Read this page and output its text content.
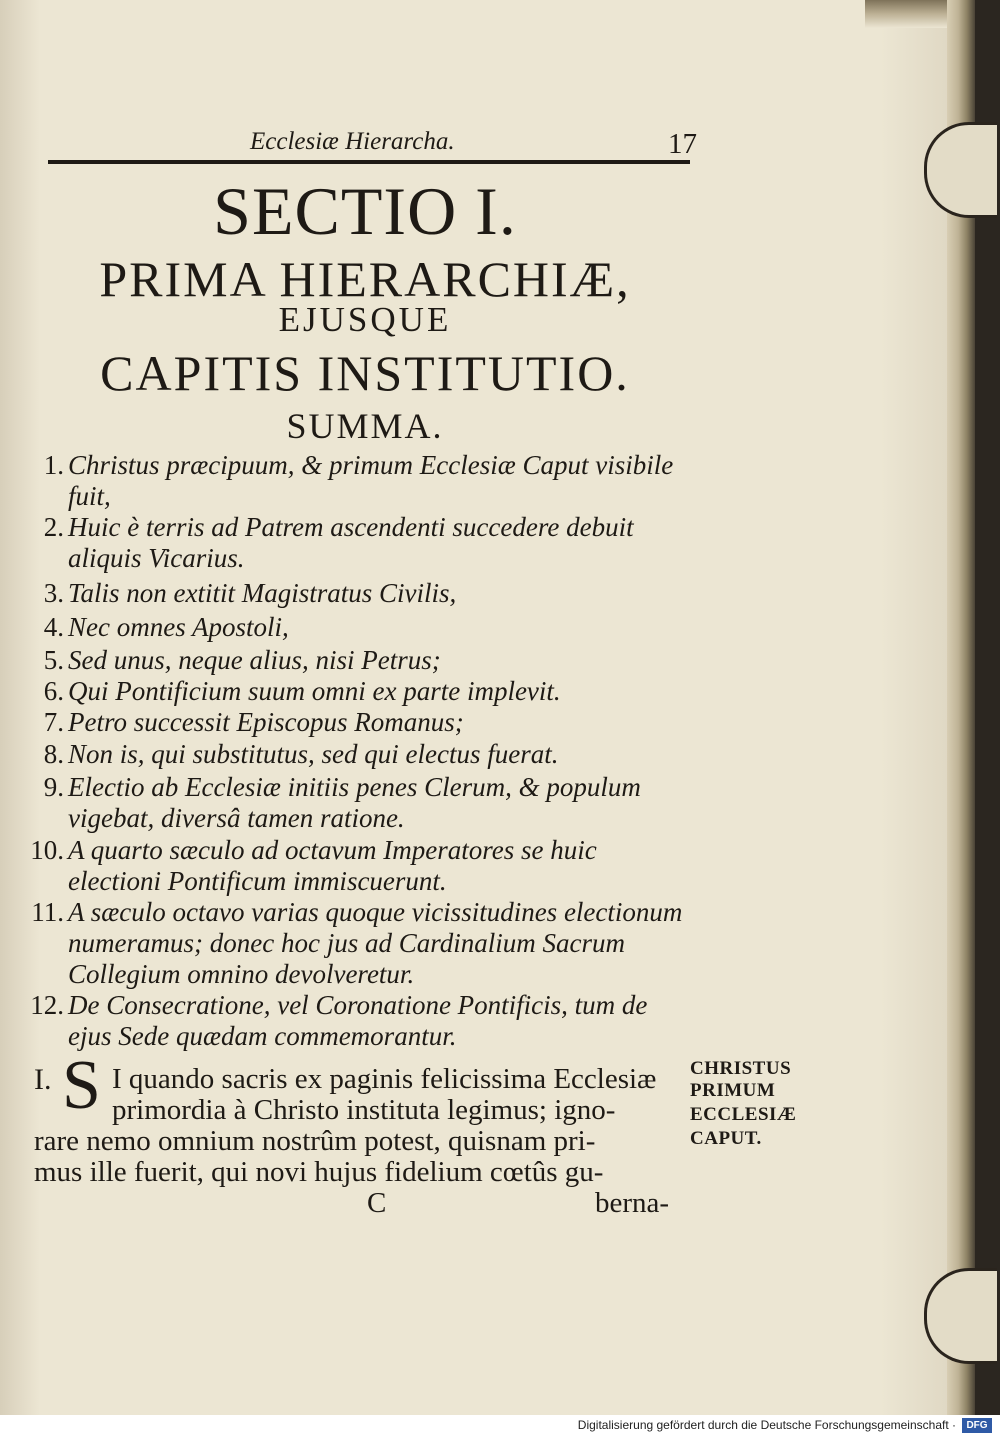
Ecclesiæ Hierarcha.	17
SECTIO I.
PRIMA HIERARCHIÆ,
EJUSQUE
CAPITIS INSTITUTIO.
SUMMA.
1. Christus præcipuum, & primum Ecclesiæ Caput visibile fuit,
2. Huic è terris ad Patrem ascendenti succedere debuit aliquis Vicarius.
3. Talis non extitit Magistratus Civilis,
4. Nec omnes Apostoli,
5. Sed unus, neque alius, nisi Petrus;
6. Qui Pontificium suum omni ex parte implevit.
7. Petro successit Episcopus Romanus;
8. Non is, qui substitutus, sed qui electus fuerat.
9. Electio ab Ecclesiæ initiis penes Clerum, & populum vigebat, diversâ tamen ratione.
10. A quarto sæculo ad octavum Imperatores se huic electioni Pontificum immiscuerunt.
11. A sæculo octavo varias quoque vicissitudines electionum numeramus; donec hoc jus ad Cardinalium Sacrum Collegium omnino devolveretur.
12. De Consecratione, vel Coronatione Pontificis, tum de ejus Sede quædam commemorantur.
I. S I quando sacris ex paginis felicissima Ecclesiæ
primordia à Christo instituta legimus; igno-
rare nemo omnium nostrûm potest, quisnam pri-
mus ille fuerit, qui novi hujus fidelium cœtûs gu-
C	berna-
CHRISTUS
PRIMUM
ECCLESIÆ
CAPUT.
Digitalisierung gefördert durch die Deutsche Forschungsgemeinschaft ·	DFG
